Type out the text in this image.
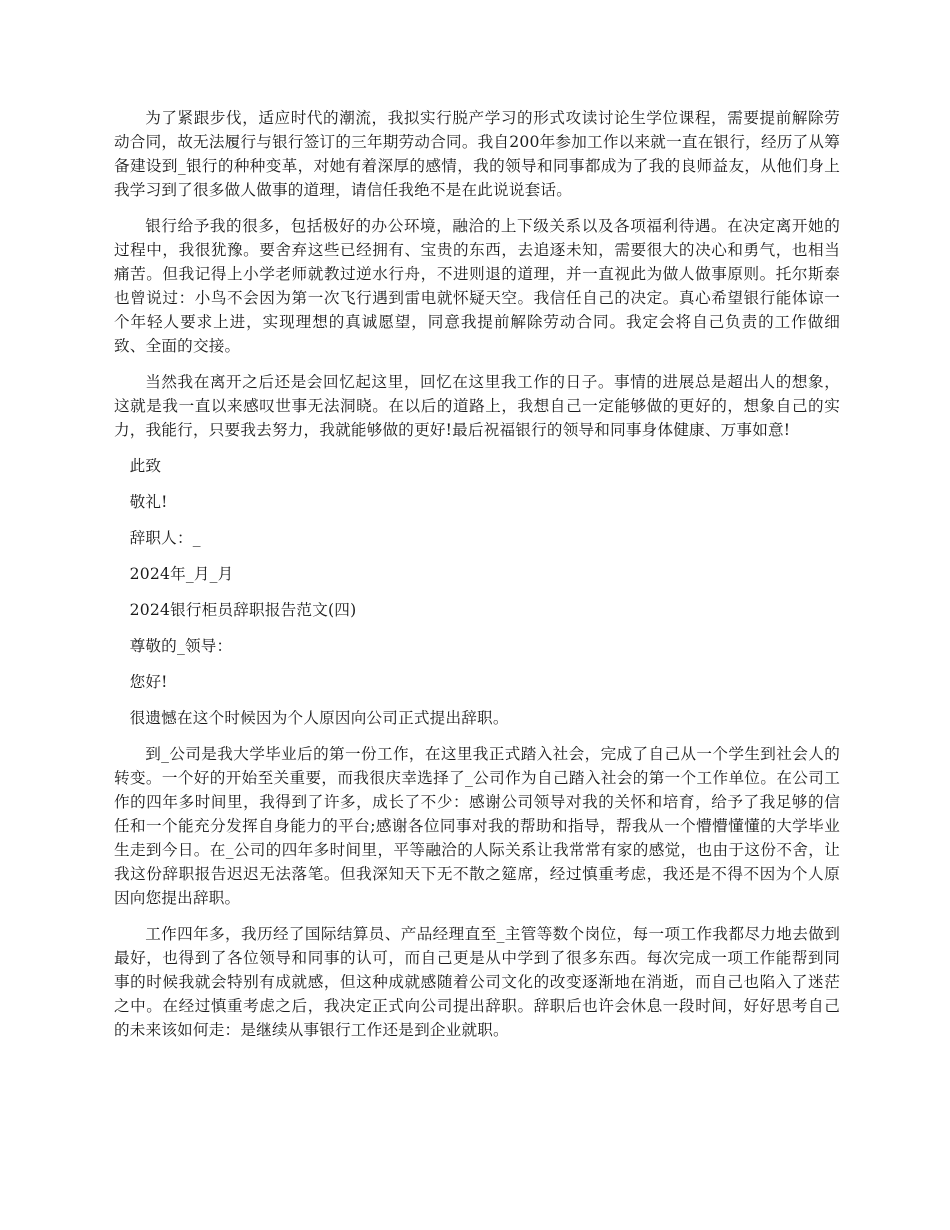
为了紧跟步伐，适应时代的潮流，我拟实行脱产学习的形式攻读讨论生学位课程，需要提前解除劳动合同，故无法履行与银行签订的三年期劳动合同。我自200年参加工作以来就一直在银行，经历了从筹备建设到_银行的种种变革，对她有着深厚的感情，我的领导和同事都成为了我的良师益友，从他们身上我学习到了很多做人做事的道理，请信任我绝不是在此说说套话。

银行给予我的很多，包括极好的办公环境，融洽的上下级关系以及各项福利待遇。在决定离开她的过程中，我很犹豫。要舍弃这些已经拥有、宝贵的东西，去追逐未知，需要很大的决心和勇气，也相当痛苦。但我记得上小学老师就教过逆水行舟，不进则退的道理，并一直视此为做人做事原则。托尔斯泰也曾说过：小鸟不会因为第一次飞行遇到雷电就怀疑天空。我信任自己的决定。真心希望银行能体谅一个年轻人要求上进，实现理想的真诚愿望，同意我提前解除劳动合同。我定会将自己负责的工作做细致、全面的交接。

当然我在离开之后还是会回忆起这里，回忆在这里我工作的日子。事情的进展总是超出人的想象，这就是我一直以来感叹世事无法洞晓。在以后的道路上，我想自己一定能够做的更好的，想象自己的实力，我能行，只要我去努力，我就能够做的更好!最后祝福银行的领导和同事身体健康、万事如意!

此致

敬礼!

辞职人：_

2024年_月_月

2024银行柜员辞职报告范文(四)

尊敬的_领导：

您好!

很遗憾在这个时候因为个人原因向公司正式提出辞职。

到_公司是我大学毕业后的第一份工作，在这里我正式踏入社会，完成了自己从一个学生到社会人的转变。一个好的开始至关重要，而我很庆幸选择了_公司作为自己踏入社会的第一个工作单位。在公司工作的四年多时间里，我得到了许多，成长了不少：感谢公司领导对我的关怀和培育，给予了我足够的信任和一个能充分发挥自身能力的平台;感谢各位同事对我的帮助和指导，帮我从一个懵懵懂懂的大学毕业生走到今日。在_公司的四年多时间里，平等融洽的人际关系让我常常有家的感觉，也由于这份不舍，让我这份辞职报告迟迟无法落笔。但我深知天下无不散之筵席，经过慎重考虑，我还是不得不因为个人原因向您提出辞职。

工作四年多，我历经了国际结算员、产品经理直至_主管等数个岗位，每一项工作我都尽力地去做到最好，也得到了各位领导和同事的认可，而自己更是从中学到了很多东西。每次完成一项工作能帮到同事的时候我就会特别有成就感，但这种成就感随着公司文化的改变逐渐地在消逝，而自己也陷入了迷茫之中。在经过慎重考虑之后，我决定正式向公司提出辞职。辞职后也许会休息一段时间，好好思考自己的未来该如何走：是继续从事银行工作还是到企业就职。
